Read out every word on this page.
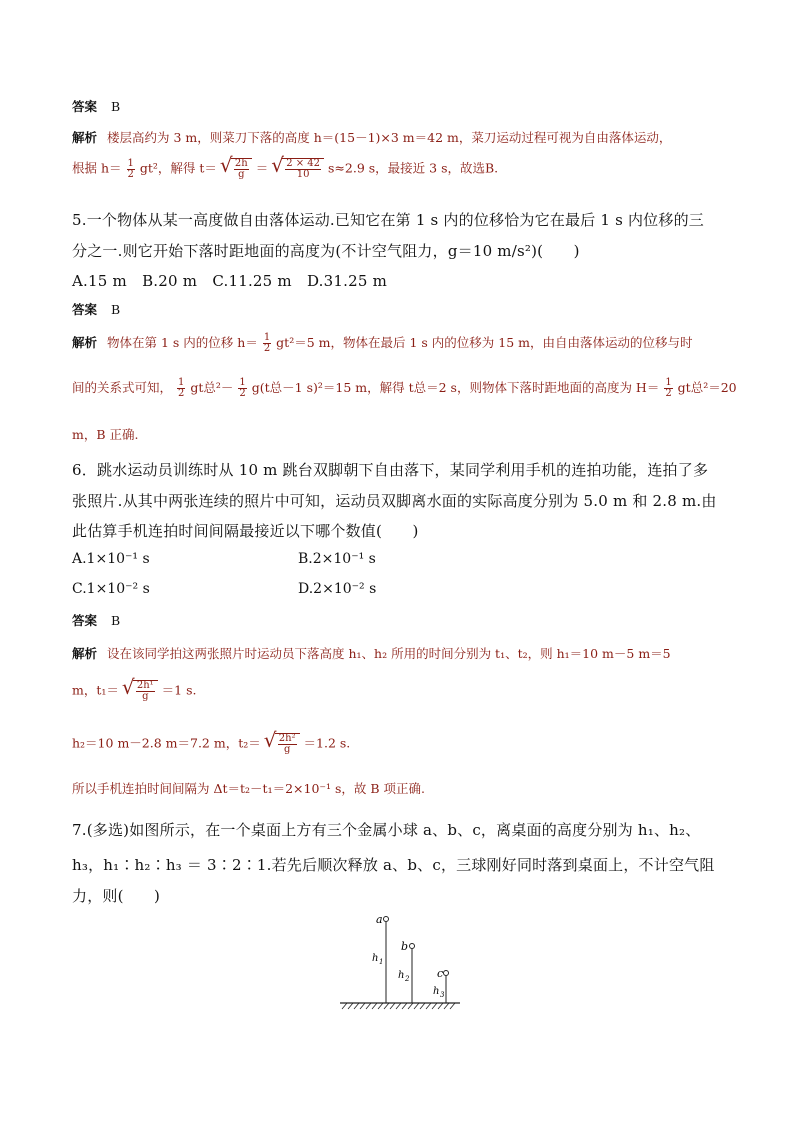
答案 B
解析 楼层高约为 3 m，则菜刀下落的高度 h＝(15－1)×3 m＝42 m，菜刀运动过程可视为自由落体运动，
根据 $h= \frac{1}{2} gt^2$，解得 t＝ √ $\frac{2h}{g}$ ＝ √ $\frac{2 \times 42}{10} s\approx 2.9$ s，最接近 3 s，故选B.
5.一个物体从某一高度做自由落体运动.已知它在第 1 s 内的位移恰为它在最后 1 s 内位移的三
分之一.则它开始下落时距地面的高度为(不计空气阻力，g＝10 m/s²)(　　)
A.15 m　B.20 m　C.11.25 m　D.31.25 m
答案 B
解析 物体在第 1 s 内的位移 $h= \frac{1}{2} gt^2=5$ m，物体在最后 1 s 内的位移为 15 m，由自由落体运动的位移与时
间的关系式可知， $\frac{1}{2}$ gt总$^2- \frac{1}{2} g(t$总－1 s)²＝15 m，解得 t总＝2 s，则物体下落时距地面的高度为 $H= \frac{1}{2}$ gt总²＝20
m，B 正确.
6．跳水运动员训练时从 10 m 跳台双脚朝下自由落下，某同学利用手机的连拍功能，连拍了多
张照片.从其中两张连续的照片中可知，运动员双脚离水面的实际高度分别为 5.0 m 和 2.8 m.由
此估算手机连拍时间间隔最接近以下哪个数值(　　)
A.1×10⁻¹ s	B.2×10⁻¹ s
C.1×10⁻² s	D.2×10⁻² s
答案 B
解析 设在该同学拍这两张照片时运动员下落高度 h₁、h₂ 所用的时间分别为 t₁、t₂，则 h₁＝10 m－5 m＝5
m，t₁＝ √ $\frac{\text{2h¹}}{g} =1$ s.
h₂＝10 m－2.8 m＝7.2 m，t₂＝ √ $\frac{\text{2h²}}{g} =1.2$ s.
所以手机连拍时间间隔为 Δt＝t₂－t₁＝2×10⁻¹ s，故 B 项正确.
7.(多选)如图所示，在一个桌面上方有三个金属小球 a、b、c，离桌面的高度分别为 h₁、h₂、
h₃，h₁∶h₂∶h₃ ＝ 3∶2∶1.若先后顺次释放 a、b、c，三球刚好同时落到桌面上，不计空气阻
力，则(　　)
a
h 1
b
h 2	c
h 3
